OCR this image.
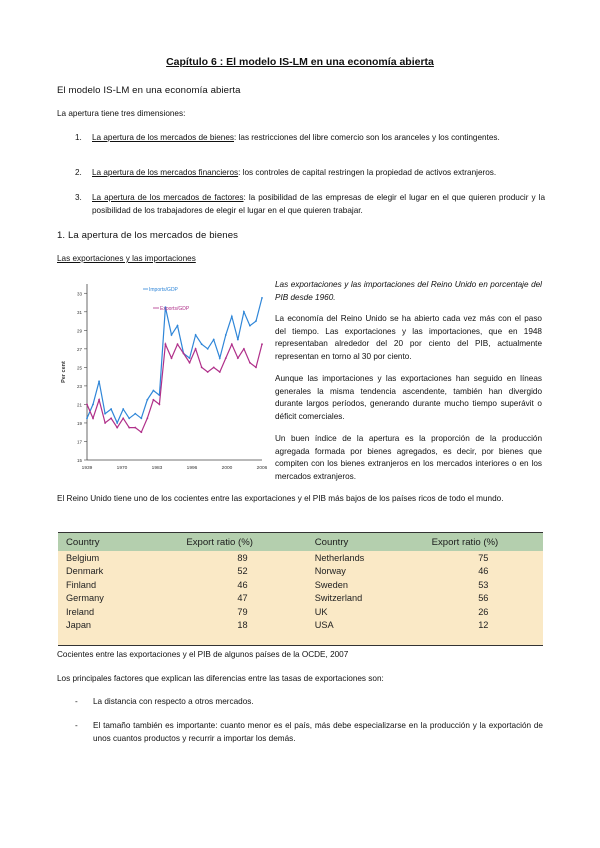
Capítulo 6 : El modelo IS-LM en una economía abierta
El modelo IS-LM en una economía abierta
La apertura tiene tres dimensiones:
1.	La apertura de los mercados de bienes: las restricciones del libre comercio son los aranceles y los contingentes.
2.	La apertura de los mercados financieros: los controles de capital restringen la propiedad de activos extranjeros.
3.	La apertura de los mercados de factores: la posibilidad de las empresas de elegir el lugar en el que quieren producir y la posibilidad de los trabajadores de elegir el lugar en el que quieren trabajar.
1. La apertura de los mercados de bienes
Las exportaciones y las importaciones
15
17
19
21
23
25
27
29
31
33
1939	1970	1983	1996	2000	2006
Per cent
Imports/GDP
Exports/GDP
Las exportaciones y las importaciones del Reino Unido en porcentaje del PIB desde 1960.
La economía del Reino Unido se ha abierto cada vez más con el paso del tiempo. Las exportaciones y las importaciones, que en 1948 representaban alrededor del 20 por ciento del PIB, actualmente representan en torno al 30 por ciento.
Aunque las importaciones y las exportaciones han seguido en líneas generales la misma tendencia ascendente, también han divergido durante largos períodos, generando durante mucho tiempo superávit o déficit comerciales.
Un buen índice de la apertura es la proporción de la producción agregada formada por bienes agregados, es decir, por bienes que compiten con los bienes extranjeros en los mercados interiores o en los mercados extranjeros.
El Reino Unido tiene uno de los cocientes entre las exportaciones y el PIB más bajos de los países ricos de todo el mundo.
Country	Export ratio (%)	Country	Export ratio (%)
Belgium	89	Netherlands	75
Denmark	52	Norway	46
Finland	46	Sweden	53
Germany	47	Switzerland	56
Ireland	79	UK	26
Japan	18	USA	12
Cocientes entre las exportaciones y el PIB de algunos países de la OCDE, 2007
Los principales factores que explican las diferencias entre las tasas de exportaciones son:
-	La distancia con respecto a otros mercados.
-	El tamaño también es importante: cuanto menor es el país, más debe especializarse en la producción y la exportación de unos cuantos productos y recurrir a importar los demás.
